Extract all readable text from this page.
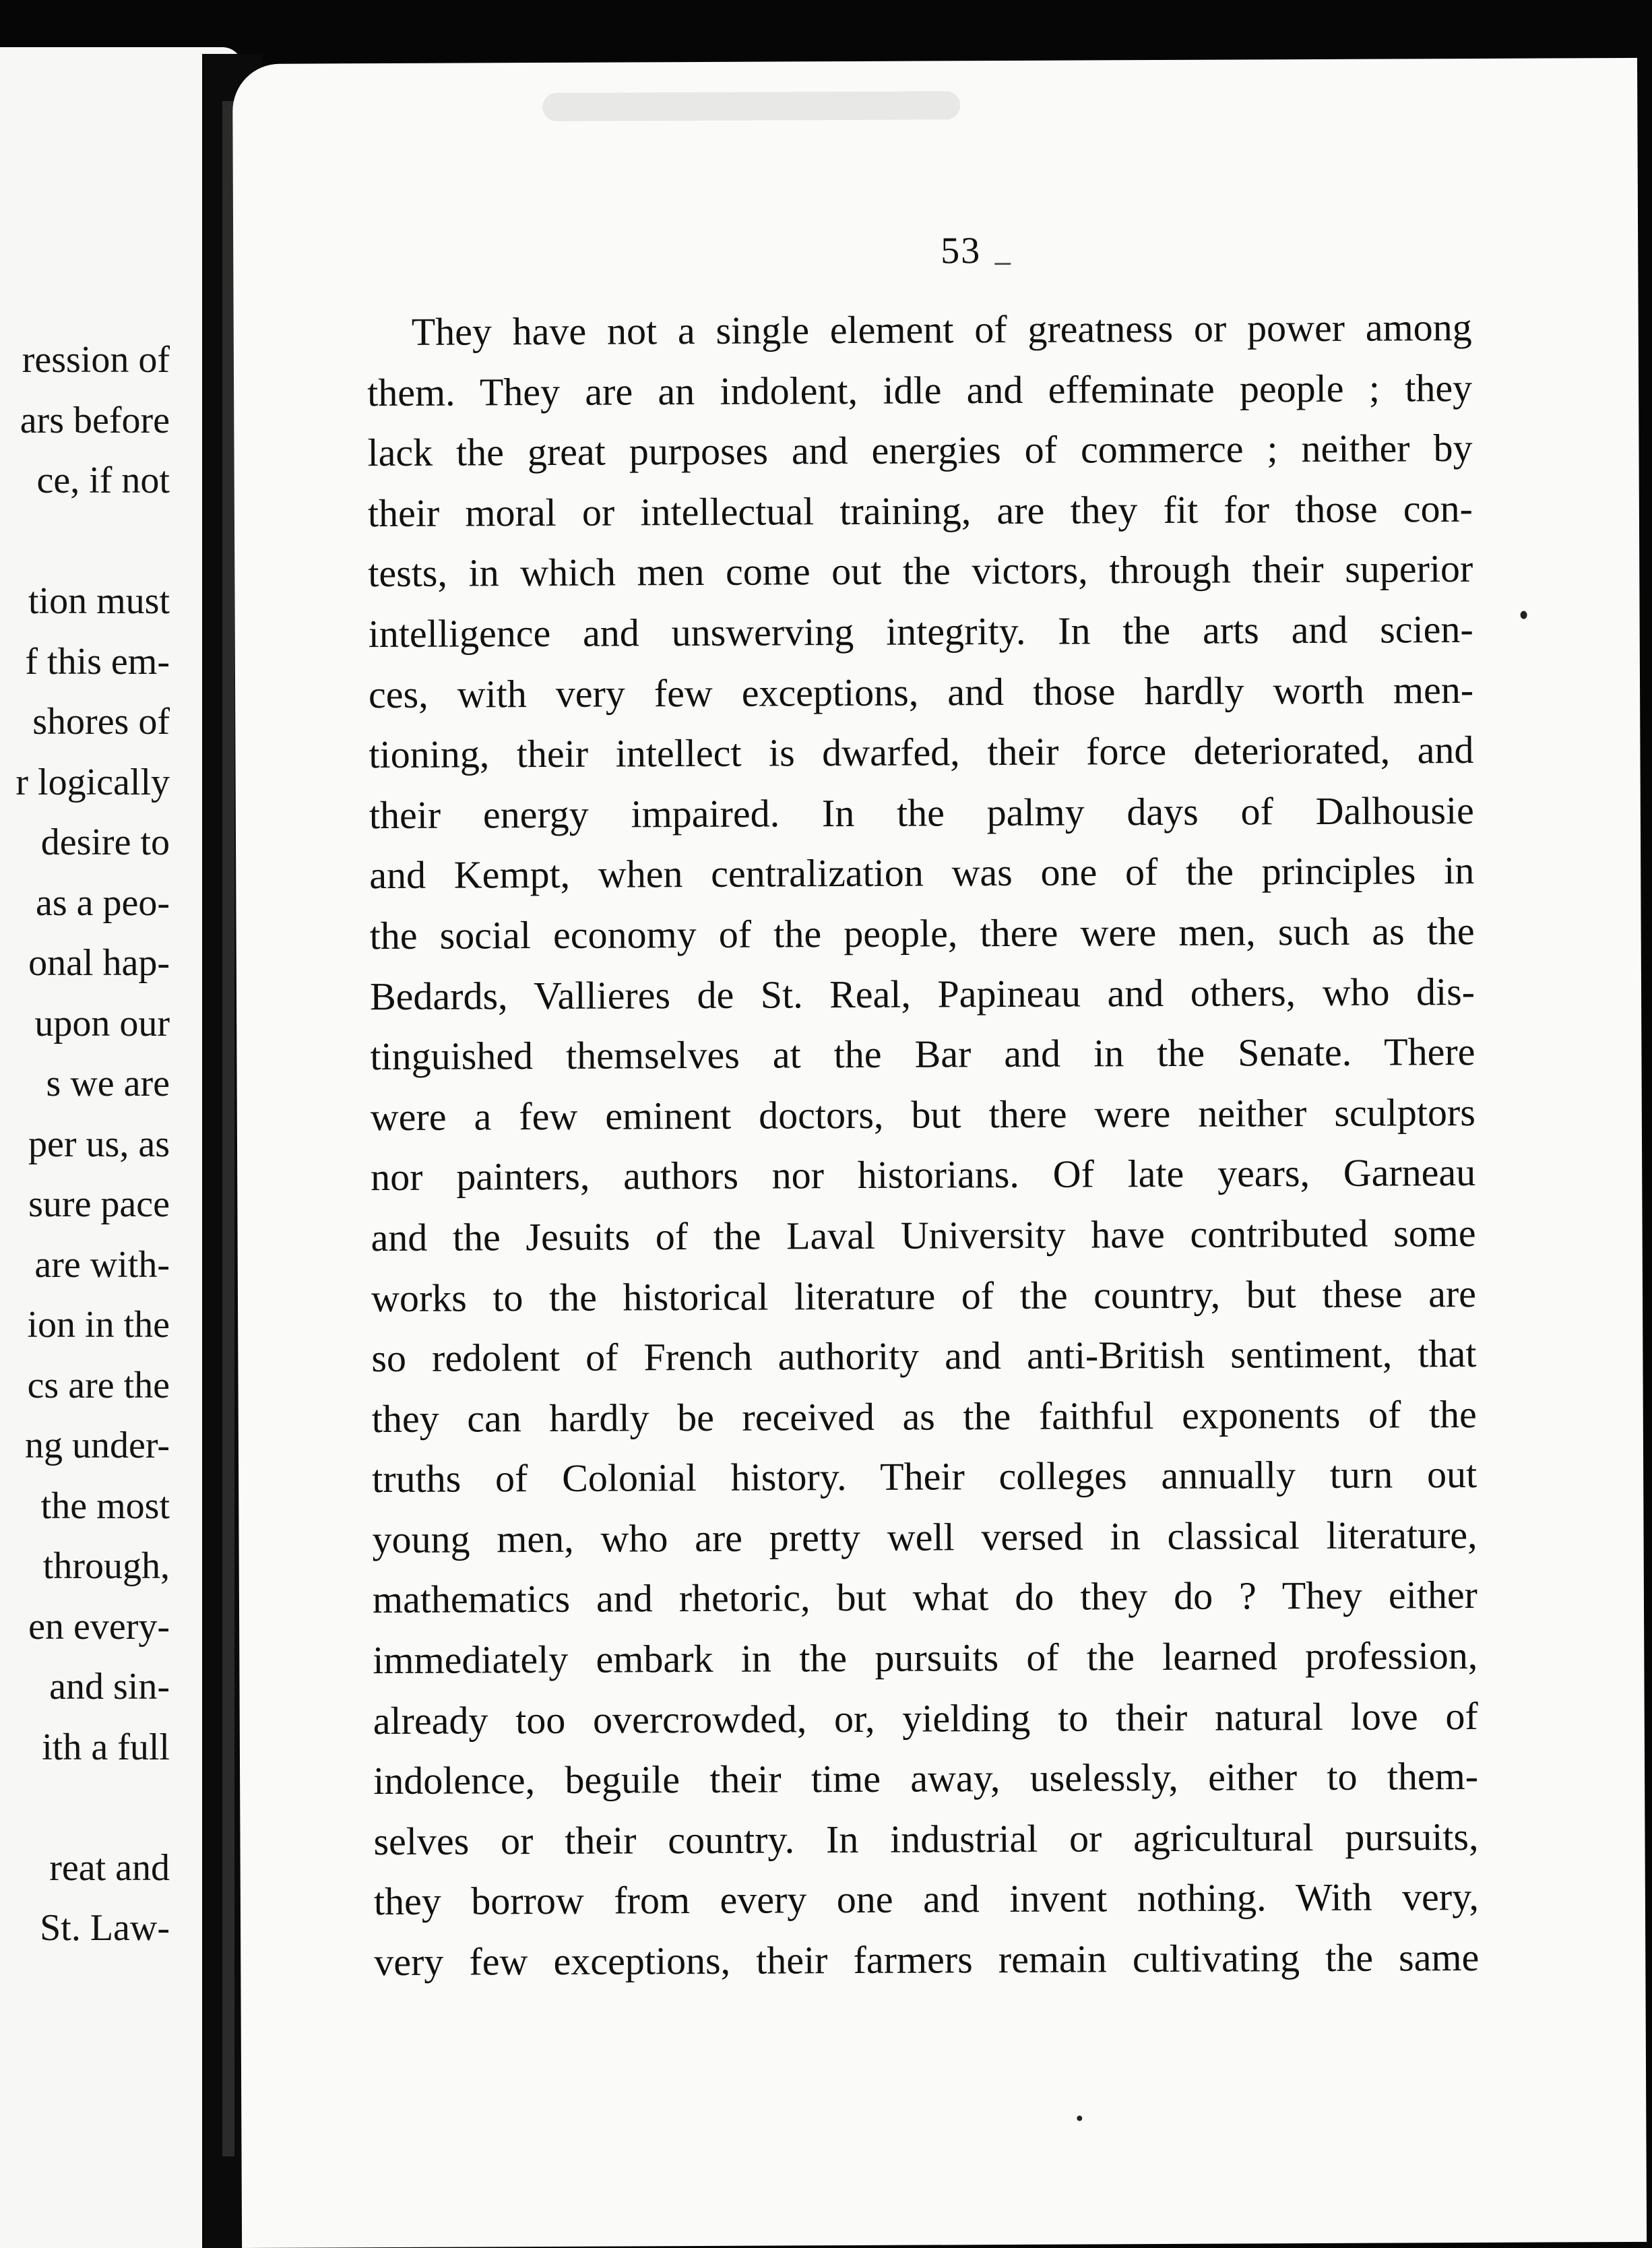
ression of
ars before
ce, if not
tion must
f this em-
shores of
r logically
desire to
as a peo-
onal hap-
upon our
s we are
per us, as
sure pace
are with-
ion in the
cs are the
ng under-
the most
through,
en every-
and sin-
ith a full
reat and
St. Law-
53
They have not a single element of greatness or power among
them. They are an indolent, idle and effeminate people ; they
lack the great purposes and energies of commerce ; neither by
their moral or intellectual training, are they fit for those con-
tests, in which men come out the victors, through their superior
intelligence and unswerving integrity. In the arts and scien-
ces, with very few exceptions, and those hardly worth men-
tioning, their intellect is dwarfed, their force deteriorated, and
their energy impaired. In the palmy days of Dalhousie
and Kempt, when centralization was one of the principles in
the social economy of the people, there were men, such as the
Bedards, Vallieres de St. Real, Papineau and others, who dis-
tinguished themselves at the Bar and in the Senate. There
were a few eminent doctors, but there were neither sculptors
nor painters, authors nor historians. Of late years, Garneau
and the Jesuits of the Laval University have contributed some
works to the historical literature of the country, but these are
so redolent of French authority and anti-British sentiment, that
they can hardly be received as the faithful exponents of the
truths of Colonial history. Their colleges annually turn out
young men, who are pretty well versed in classical literature,
mathematics and rhetoric, but what do they do ? They either
immediately embark in the pursuits of the learned profession,
already too overcrowded, or, yielding to their natural love of
indolence, beguile their time away, uselessly, either to them-
selves or their country. In industrial or agricultural pursuits,
they borrow from every one and invent nothing. With very,
very few exceptions, their farmers remain cultivating the same
